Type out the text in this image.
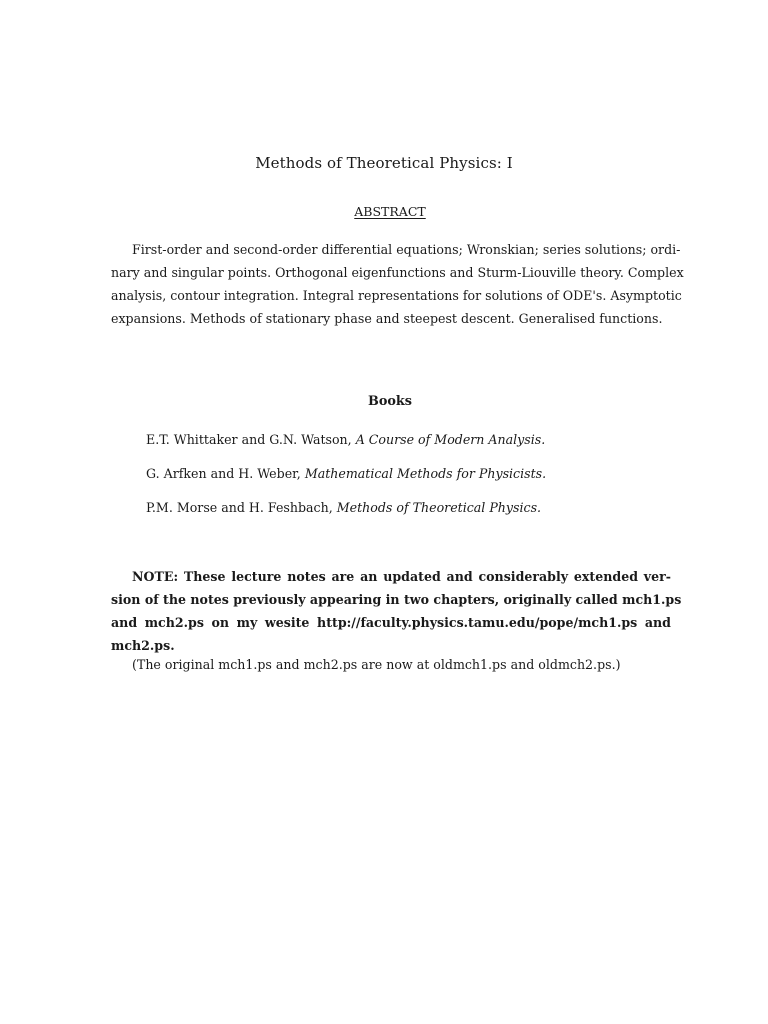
Methods of Theoretical Physics: I
ABSTRACT
First-order and second-order differential equations; Wronskian; series solutions; ordi-
nary and singular points. Orthogonal eigenfunctions and Sturm-Liouville theory. Complex
analysis, contour integration. Integral representations for solutions of ODE's. Asymptotic
expansions. Methods of stationary phase and steepest descent. Generalised functions.
Books
E.T. Whittaker and G.N. Watson, A Course of Modern Analysis.
G. Arfken and H. Weber, Mathematical Methods for Physicists.
P.M. Morse and H. Feshbach, Methods of Theoretical Physics.
NOTE: These lecture notes are an updated and considerably extended ver-
sion of the notes previously appearing in two chapters, originally called mch1.ps
and mch2.ps on my wesite http://faculty.physics.tamu.edu/pope/mch1.ps and
mch2.ps.
(The original mch1.ps and mch2.ps are now at oldmch1.ps and oldmch2.ps.)
